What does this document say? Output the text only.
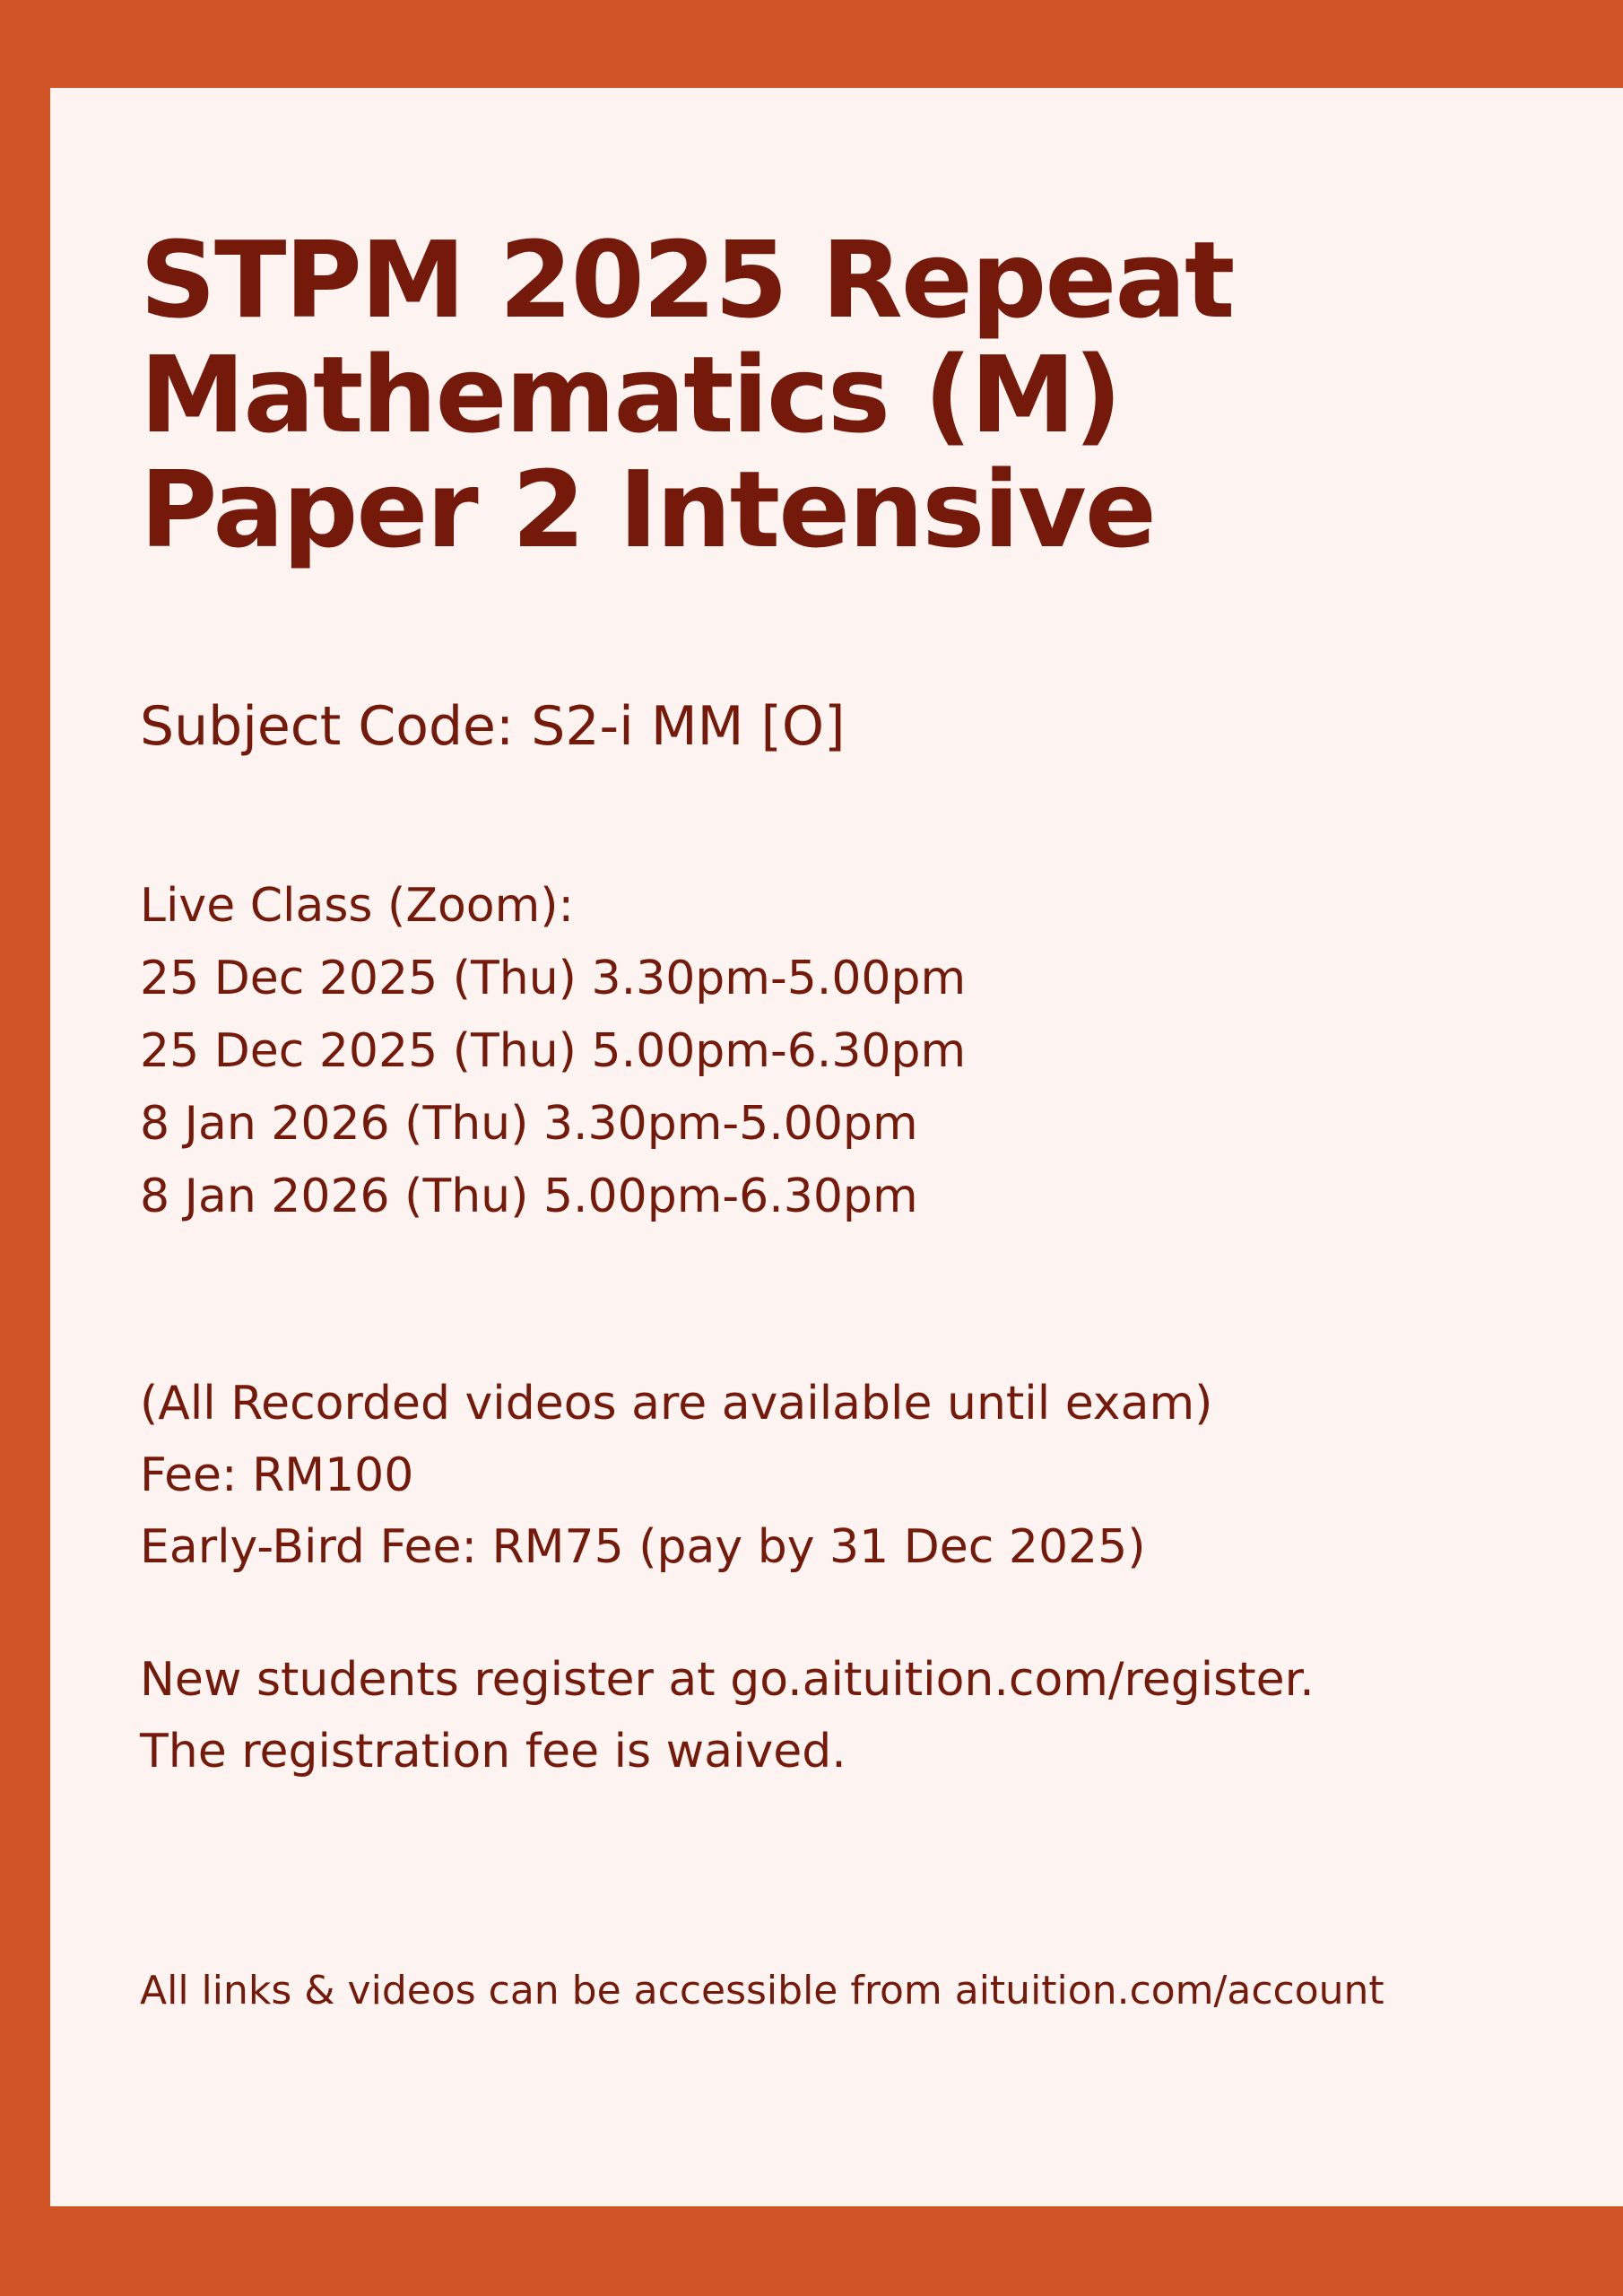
STPM 2025 Repeat
Mathematics (M)
Paper 2 Intensive
Subject Code: S2-i MM [O]
Live Class (Zoom):
25 Dec 2025 (Thu) 3.30pm-5.00pm
25 Dec 2025 (Thu) 5.00pm-6.30pm
8 Jan 2026 (Thu) 3.30pm-5.00pm
8 Jan 2026 (Thu) 5.00pm-6.30pm
(All Recorded videos are available until exam)
Fee: RM100
Early-Bird Fee: RM75 (pay by 31 Dec 2025)
New students register at go.aituition.com/register.
The registration fee is waived.
All links & videos can be accessible from aituition.com/account
